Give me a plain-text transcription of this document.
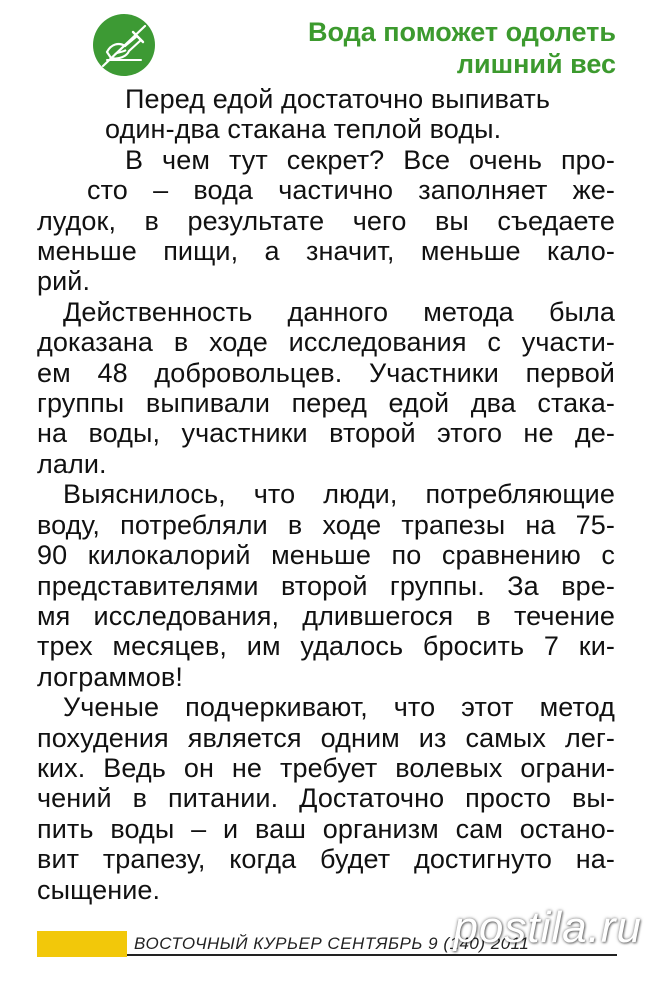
Вода поможет одолеть
лишний вес
Перед едой достаточно выпивать
один-два стакана теплой воды.
В чем тут секрет? Все очень про-
сто – вода частично заполняет же-
лудок, в результате чего вы съедаете
меньше пищи, а значит, меньше кало-
рий.
Действенность данного метода была
доказана в ходе исследования с участи-
ем 48 добровольцев. Участники первой
группы выпивали перед едой два стака-
на воды, участники второй этого не де-
лали.
Выяснилось, что люди, потребляющие
воду, потребляли в ходе трапезы на 75-
90 килокалорий меньше по сравнению с
представителями второй группы. За вре-
мя исследования, длившегося в течение
трех месяцев, им удалось бросить 7 ки-
лограммов!
Ученые подчеркивают, что этот метод
похудения является одним из самых лег-
ких. Ведь он не требует волевых ограни-
чений в питании. Достаточно просто вы-
пить воды – и ваш организм сам остано-
вит трапезу, когда будет достигнуто на-
сыщение.
ВОСТОЧНЫЙ КУРЬЕР СЕНТЯБРЬ 9 (140) 2011
postila.ru
